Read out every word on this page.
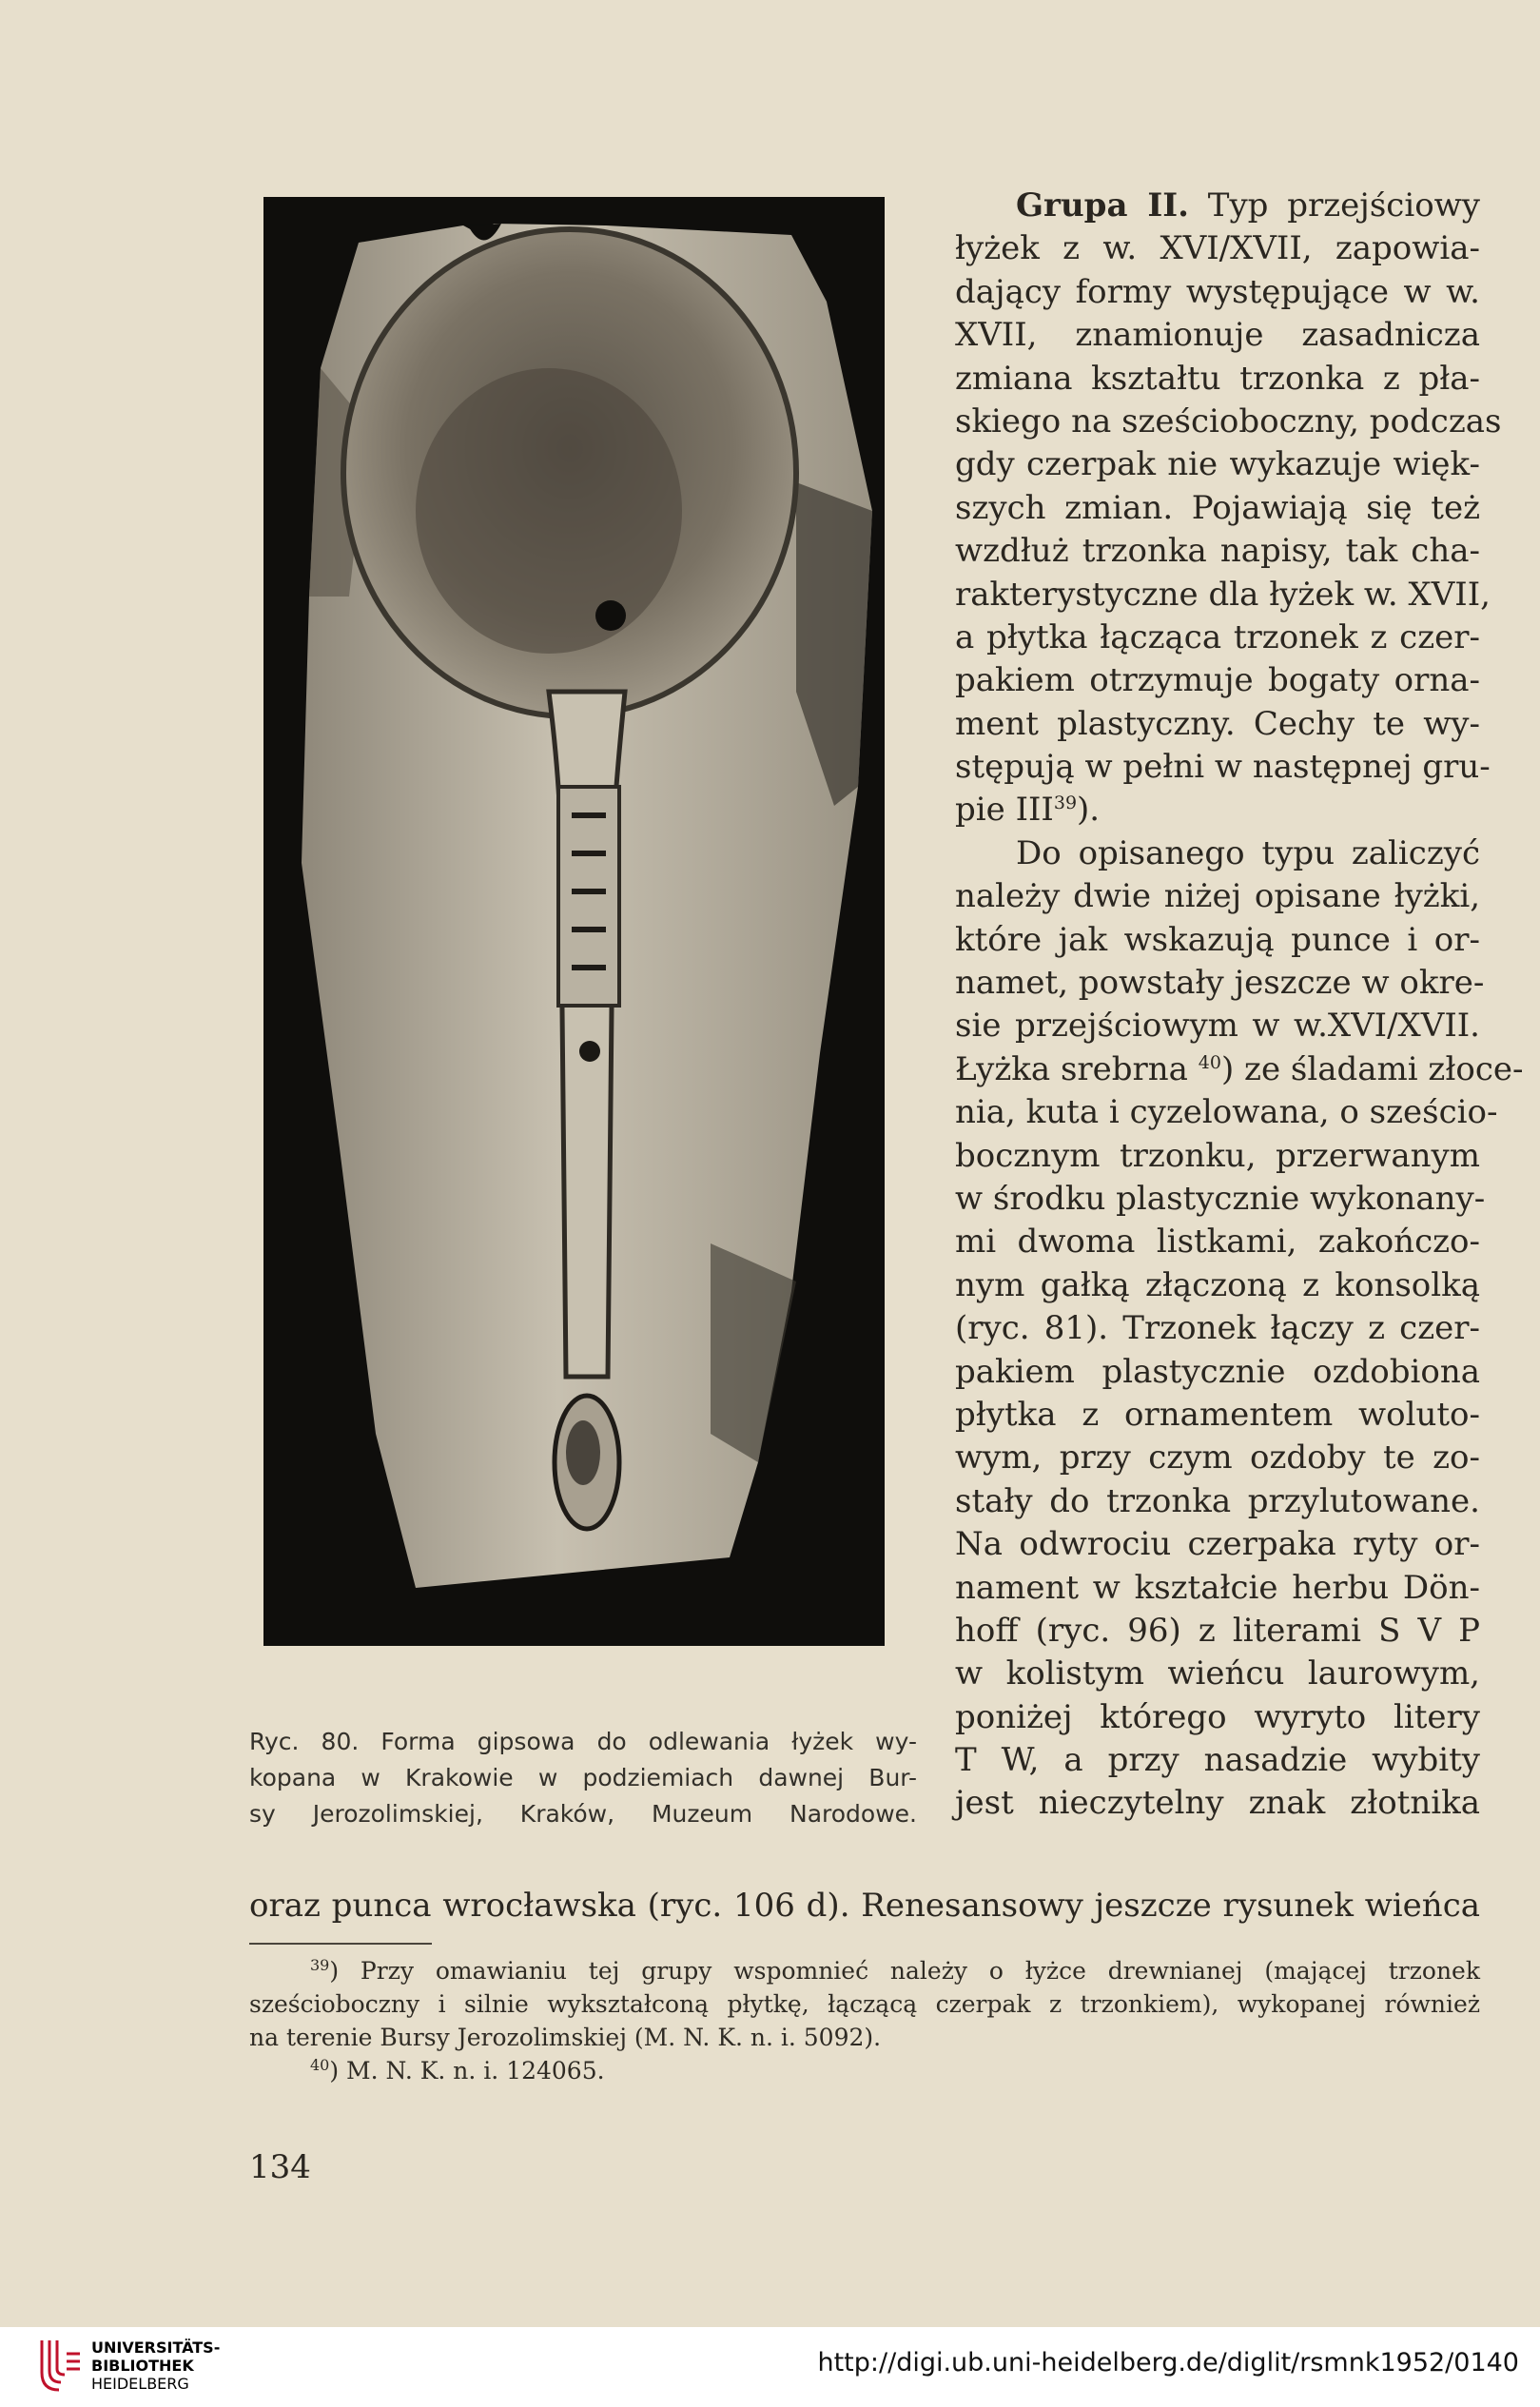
Ryc. 80. Forma gipsowa do odlewania łyżek wy-
kopana w Krakowie w podziemiach dawnej Bur-
sy Jerozolimskiej, Kraków, Muzeum Narodowe.
Grupa II. Typ przejściowy
łyżek z w. XVI/XVII, zapowia-
dający formy występujące w w.
XVII, znamionuje zasadnicza
zmiana kształtu trzonka z pła-
skiego na sześcioboczny, podczas
gdy czerpak nie wykazuje więk-
szych zmian. Pojawiają się też
wzdłuż trzonka napisy, tak cha-
rakterystyczne dla łyżek w. XVII,
a płytka łącząca trzonek z czer-
pakiem otrzymuje bogaty orna-
ment plastyczny. Cechy te wy-
stępują w pełni w następnej gru-
pie III$^{39}$).
Do opisanego typu zaliczyć
należy dwie niżej opisane łyżki,
które jak wskazują punce i or-
namet, powstały jeszcze w okre-
sie przejściowym w w.XVI/XVII.
Łyżka srebrna $^{40}$) ze śladami złoce-
nia, kuta i cyzelowana, o sześcio-
bocznym trzonku, przerwanym
w środku plastycznie wykonany-
mi dwoma listkami, zakończo-
nym gałką złączoną z konsolką
(ryc. 81). Trzonek łączy z czer-
pakiem plastycznie ozdobiona
płytka z ornamentem woluto-
wym, przy czym ozdoby te zo-
stały do trzonka przylutowane.
Na odwrociu czerpaka ryty or-
nament w kształcie herbu Dön-
hoff (ryc. 96) z literami S V P
w kolistym wieńcu laurowym,
poniżej którego wyryto litery
T W, a przy nasadzie wybity
jest nieczytelny znak złotnika
oraz punca wrocławska (ryc. 106 d). Renesansowy jeszcze rysunek wieńca
$^{39}$) Przy omawianiu tej grupy wspomnieć należy o łyżce drewnianej (mającej trzonek
sześcioboczny i silnie wykształconą płytkę, łączącą czerpak z trzonkiem), wykopanej również
na terenie Bursy Jerozolimskiej (M. N. K. n. i. 5092).
$^{40}$) M. N. K. n. i. 124065.
134
UNIVERSITÄTS-
BIBLIOTHEK
HEIDELBERG
http://digi.ub.uni-heidelberg.de/diglit/rsmnk1952/0140
